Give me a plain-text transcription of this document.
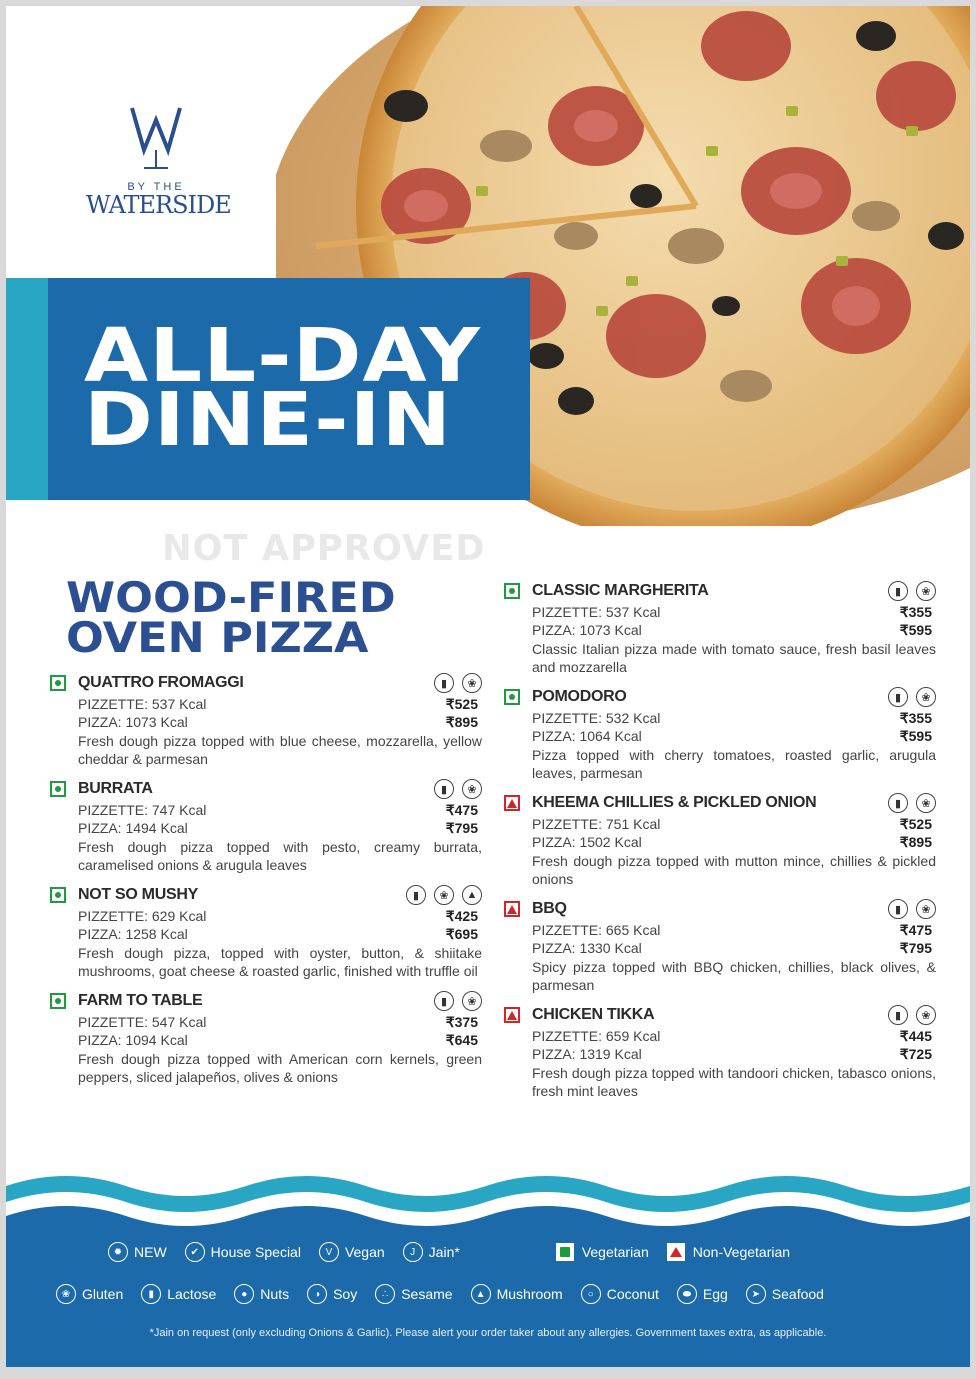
BY THE
WATERSIDE
ALL-DAY
DINE-IN
NOT APPROVED
WOOD-FIRED
OVEN PIZZA
QUATTRO FROMAGGI	▮	❀
PIZZETTE: 537 Kcal	₹525
PIZZA: 1073 Kcal	₹895
Fresh dough pizza topped with blue cheese, mozzarella, yellow cheddar & parmesan
BURRATA	▮	❀
PIZZETTE: 747 Kcal	₹475
PIZZA: 1494 Kcal	₹795
Fresh dough pizza topped with pesto, creamy burrata, caramelised onions & arugula leaves
NOT SO MUSHY	▮	❀	▲
PIZZETTE: 629 Kcal	₹425
PIZZA: 1258 Kcal	₹695
Fresh dough pizza, topped with oyster, button, & shiitake mushrooms, goat cheese & roasted garlic, finished with truffle oil
FARM TO TABLE	▮	❀
PIZZETTE: 547 Kcal	₹375
PIZZA: 1094 Kcal	₹645
Fresh dough pizza topped with American corn kernels, green peppers, sliced jalapeños, olives & onions
CLASSIC MARGHERITA	▮	❀
PIZZETTE: 537 Kcal	₹355
PIZZA: 1073 Kcal	₹595
Classic Italian pizza made with tomato sauce, fresh basil leaves and mozzarella
POMODORO	▮	❀
PIZZETTE: 532 Kcal	₹355
PIZZA: 1064 Kcal	₹595
Pizza topped with cherry tomatoes, roasted garlic, arugula leaves, parmesan
KHEEMA CHILLIES & PICKLED ONION	▮	❀
PIZZETTE: 751 Kcal	₹525
PIZZA: 1502 Kcal	₹895
Fresh dough pizza topped with mutton mince, chillies & pickled onions
BBQ	▮	❀
PIZZETTE: 665 Kcal	₹475
PIZZA: 1330 Kcal	₹795
Spicy pizza topped with BBQ chicken, chillies, black olives, & parmesan
CHICKEN TIKKA	▮	❀
PIZZETTE: 659 Kcal	₹445
PIZZA: 1319 Kcal	₹725
Fresh dough pizza topped with tandoori chicken, tabasco onions, fresh mint leaves
✹ NEW	✔ House Special	V Vegan	J Jain*	Vegetarian	Non-Vegetarian
❀ Gluten	▮ Lactose	● Nuts	◑ Soy	∴ Sesame	▲ Mushroom	○ Coconut	⬬ Egg	➤ Seafood
*Jain on request (only excluding Onions & Garlic). Please alert your order taker about any allergies. Government taxes extra, as applicable.
